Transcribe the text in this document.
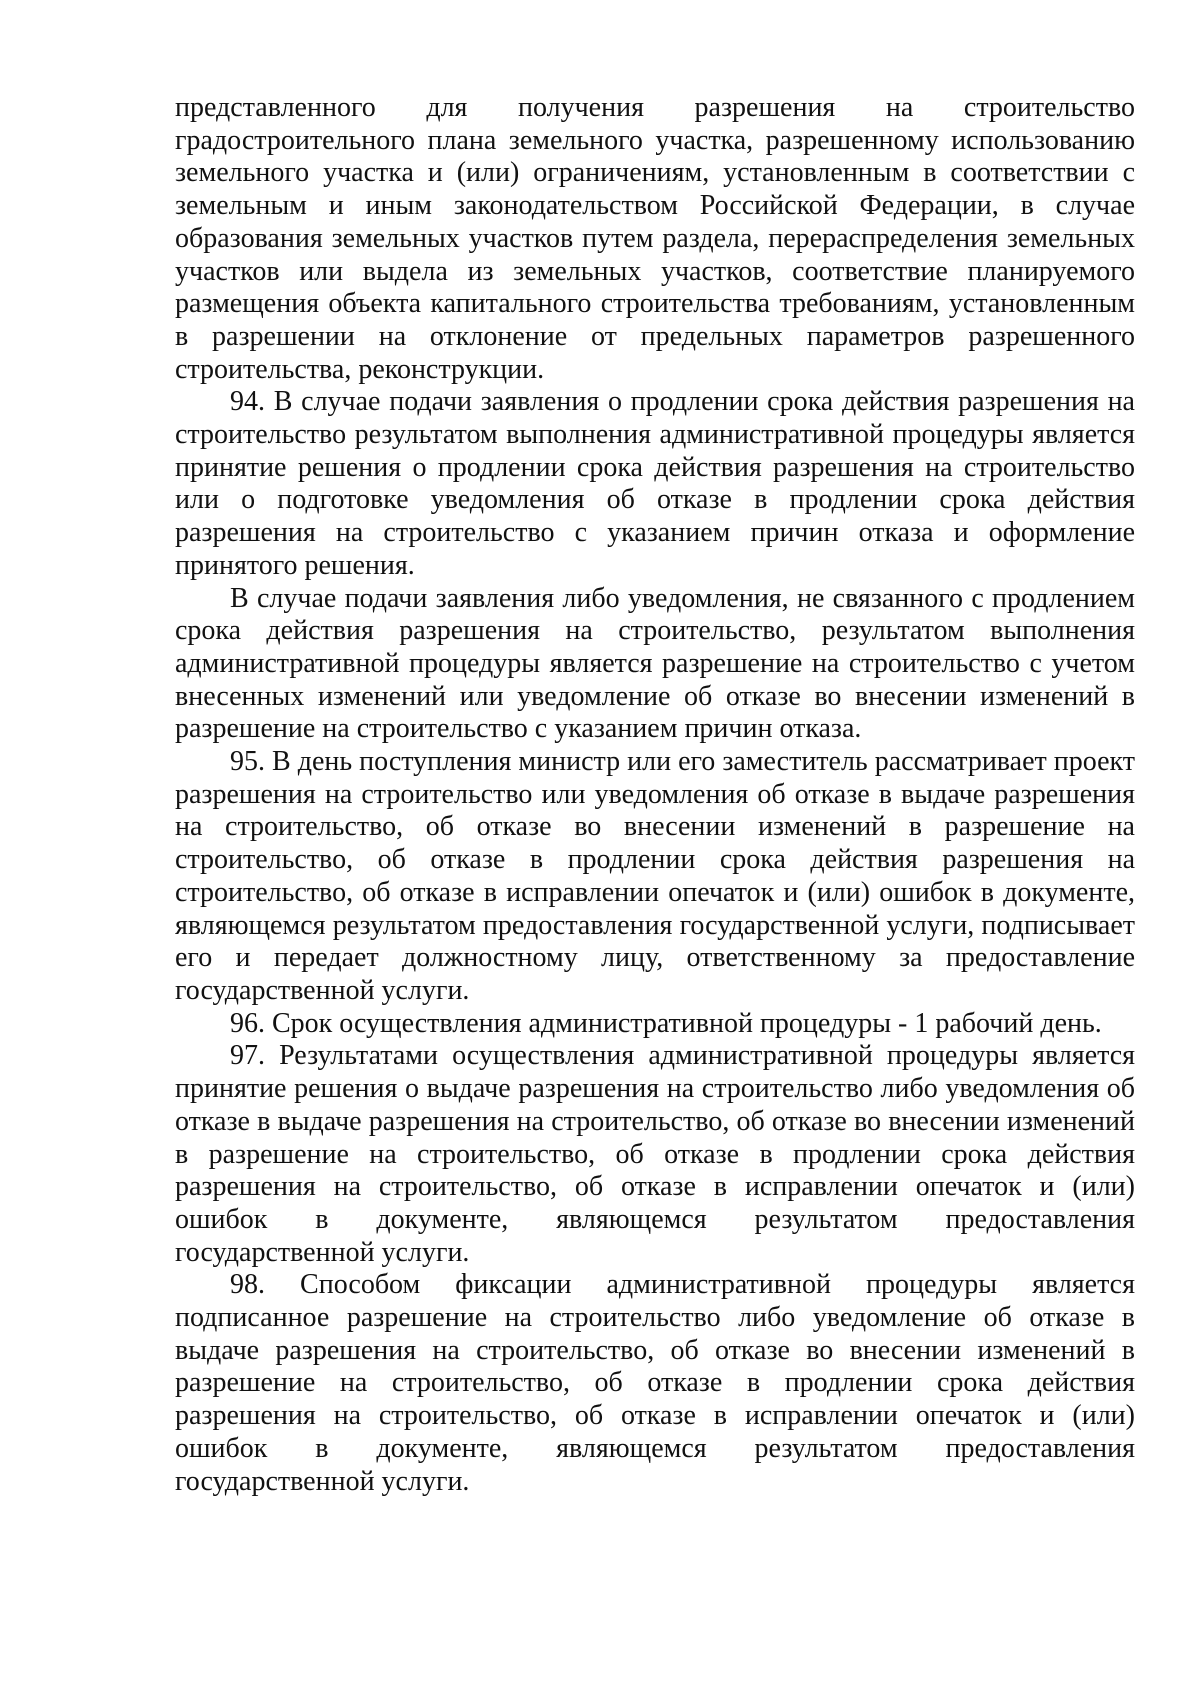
представленного для получения разрешения на строительство градостроительного плана земельного участка, разрешенному использованию земельного участка и (или) ограничениям, установленным в соответствии с земельным и иным законодательством Российской Федерации, в случае образования земельных участков путем раздела, перераспределения земельных участков или выдела из земельных участков, соответствие планируемого размещения объекта капитального строительства требованиям, установленным в разрешении на отклонение от предельных параметров разрешенного строительства, реконструкции.

94. В случае подачи заявления о продлении срока действия разрешения на строительство результатом выполнения административной процедуры является принятие решения о продлении срока действия разрешения на строительство или о подготовке уведомления об отказе в продлении срока действия разрешения на строительство с указанием причин отказа и оформление принятого решения.

В случае подачи заявления либо уведомления, не связанного с продлением срока действия разрешения на строительство, результатом выполнения административной процедуры является разрешение на строительство с учетом внесенных изменений или уведомление об отказе во внесении изменений в разрешение на строительство с указанием причин отказа.

95. В день поступления министр или его заместитель рассматривает проект разрешения на строительство или уведомления об отказе в выдаче разрешения на строительство, об отказе во внесении изменений в разрешение на строительство, об отказе в продлении срока действия разрешения на строительство, об отказе в исправлении опечаток и (или) ошибок в документе, являющемся результатом предоставления государственной услуги, подписывает его и передает должностному лицу, ответственному за предоставление государственной услуги.

96. Срок осуществления административной процедуры - 1 рабочий день.

97. Результатами осуществления административной процедуры является принятие решения о выдаче разрешения на строительство либо уведомления об отказе в выдаче разрешения на строительство, об отказе во внесении изменений в разрешение на строительство, об отказе в продлении срока действия разрешения на строительство, об отказе в исправлении опечаток и (или) ошибок в документе, являющемся результатом предоставления государственной услуги.

98. Способом фиксации административной процедуры является подписанное разрешение на строительство либо уведомление об отказе в выдаче разрешения на строительство, об отказе во внесении изменений в разрешение на строительство, об отказе в продлении срока действия разрешения на строительство, об отказе в исправлении опечаток и (или) ошибок в документе, являющемся результатом предоставления государственной услуги.
